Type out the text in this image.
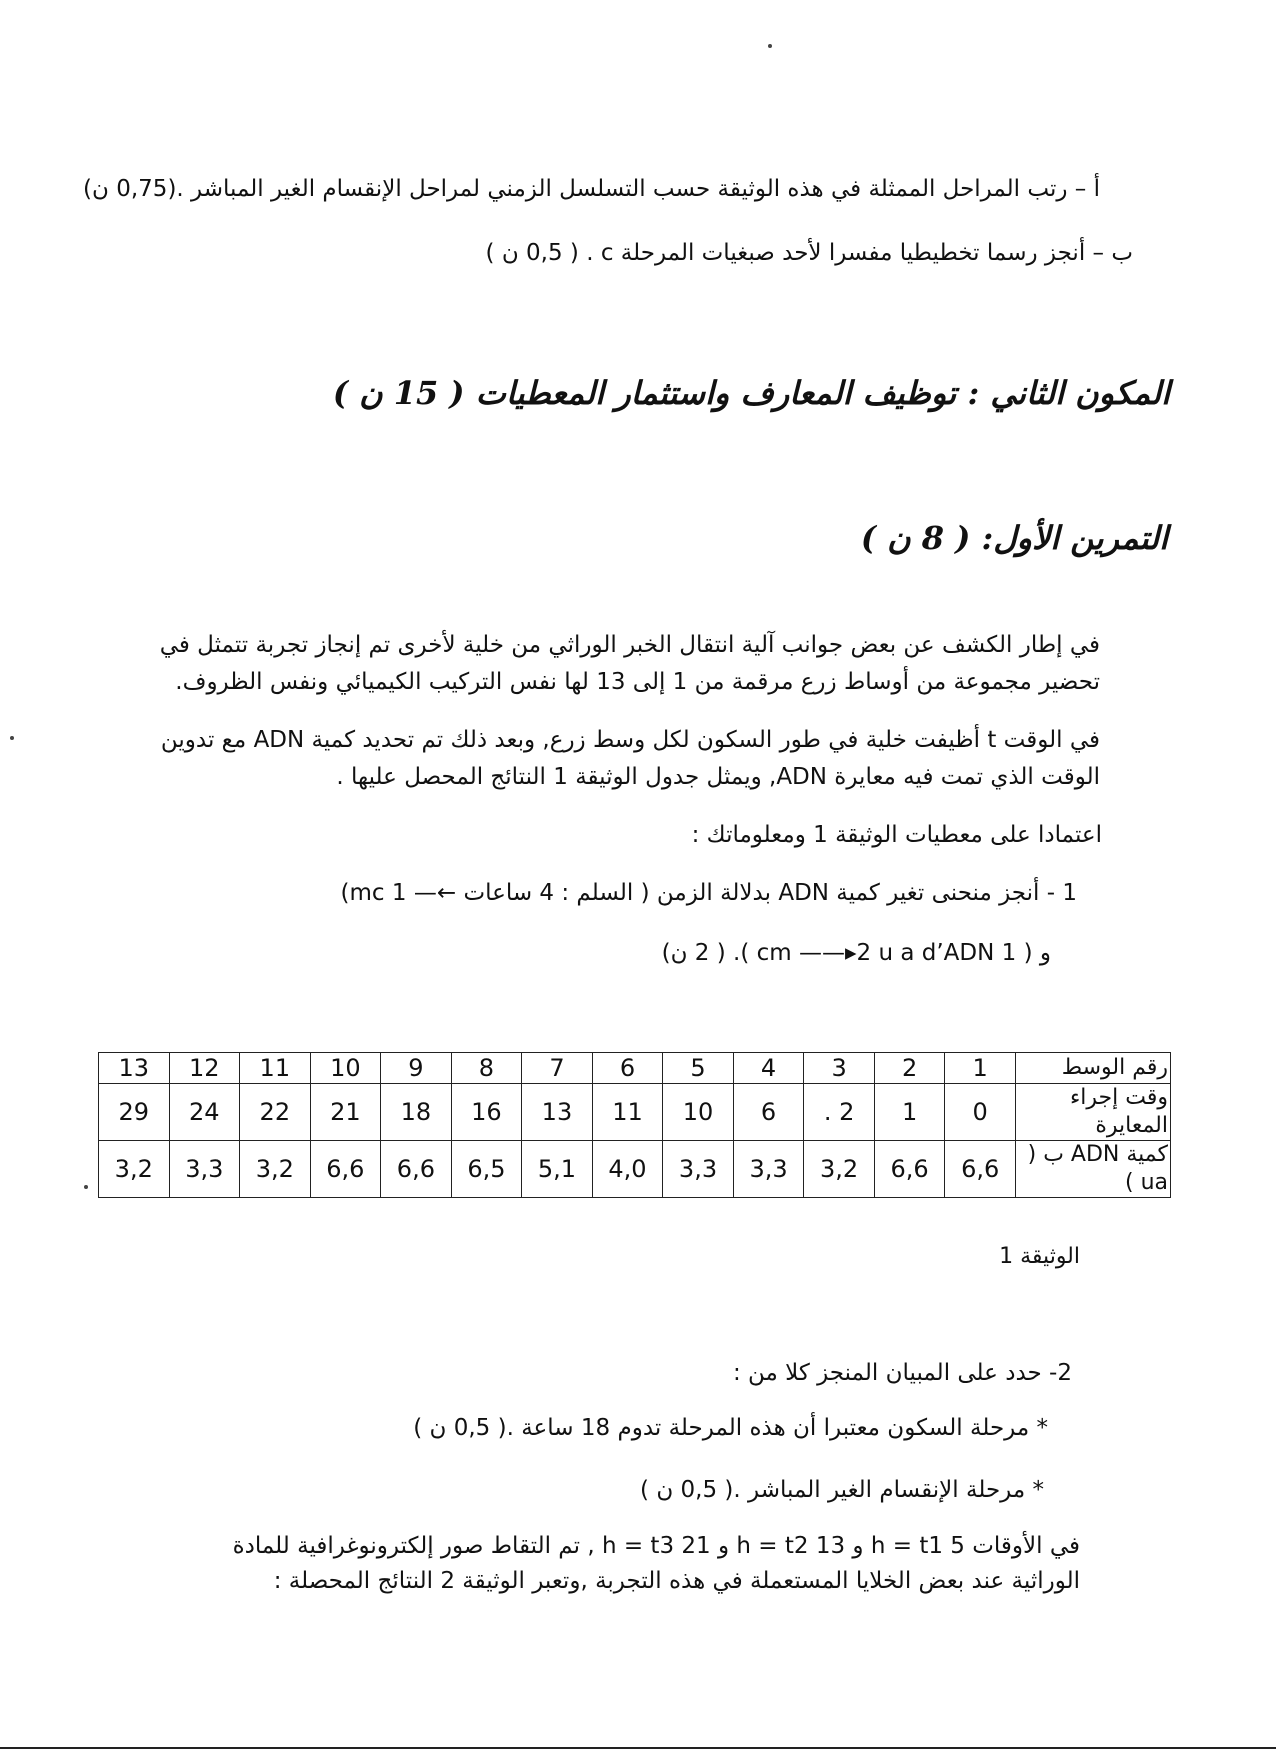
أ – رتب المراحل الممثلة في هذه الوثيقة حسب التسلسل الزمني لمراحل الإنقسام الغير المباشر .(0,75 ن)
ب – أنجز رسما تخطيطيا مفسرا لأحد صبغيات المرحلة c . ( 0,5 ن )
المكون الثاني : توظيف المعارف واستثمار المعطيات ( 15 ن )
التمرين الأول: ( 8 ن )
في إطار الكشف عن بعض جوانب آلية انتقال الخبر الوراثي من خلية لأخرى تم إنجاز تجربة تتمثل في تحضير مجموعة من أوساط زرع مرقمة من 1 إلى 13 لها نفس التركيب الكيميائي ونفس الظروف.
في الوقت t أظيفت خلية في طور السكون لكل وسط زرع, وبعد ذلك تم تحديد كمية ADN مع تدوين الوقت الذي تمت فيه معايرة ADN, ويمثل جدول الوثيقة 1 النتائج المحصل عليها .
اعتمادا على معطيات الوثيقة 1 ومعلوماتك :
1 - أنجز منحنى تغير كمية ADN بدلالة الزمن ( السلم : 4 ساعات ←— 1 mc)
و ( 1 cm ——▸2 u a d’ADN ). ( 2 ن)
13	12	11	10	9	8	7	6	5	4	3	2	1	رقم الوسط
29	24	22	21	18	16	13	11	10	6	. 2	1	0	وقت إجراء المعايرة
3,2	3,3	3,2	6,6	6,6	6,5	5,1	4,0	3,3	3,3	3,2	6,6	6,6	كمية ADN ب ( ua )
الوثيقة 1
2- حدد على المبيان المنجز كلا من :
* مرحلة السكون معتبرا أن هذه المرحلة تدوم 18 ساعة .( 0,5 ن )
* مرحلة الإنقسام الغير المباشر .( 0,5 ن )
في الأوقات 5 h = t1 و 13 h = t2 و 21 h = t3 , تم التقاط صور إلكترونوغرافية للمادة
الوراثية عند بعض الخلايا المستعملة في هذه التجربة ,وتعبر الوثيقة 2 النتائج المحصلة :
